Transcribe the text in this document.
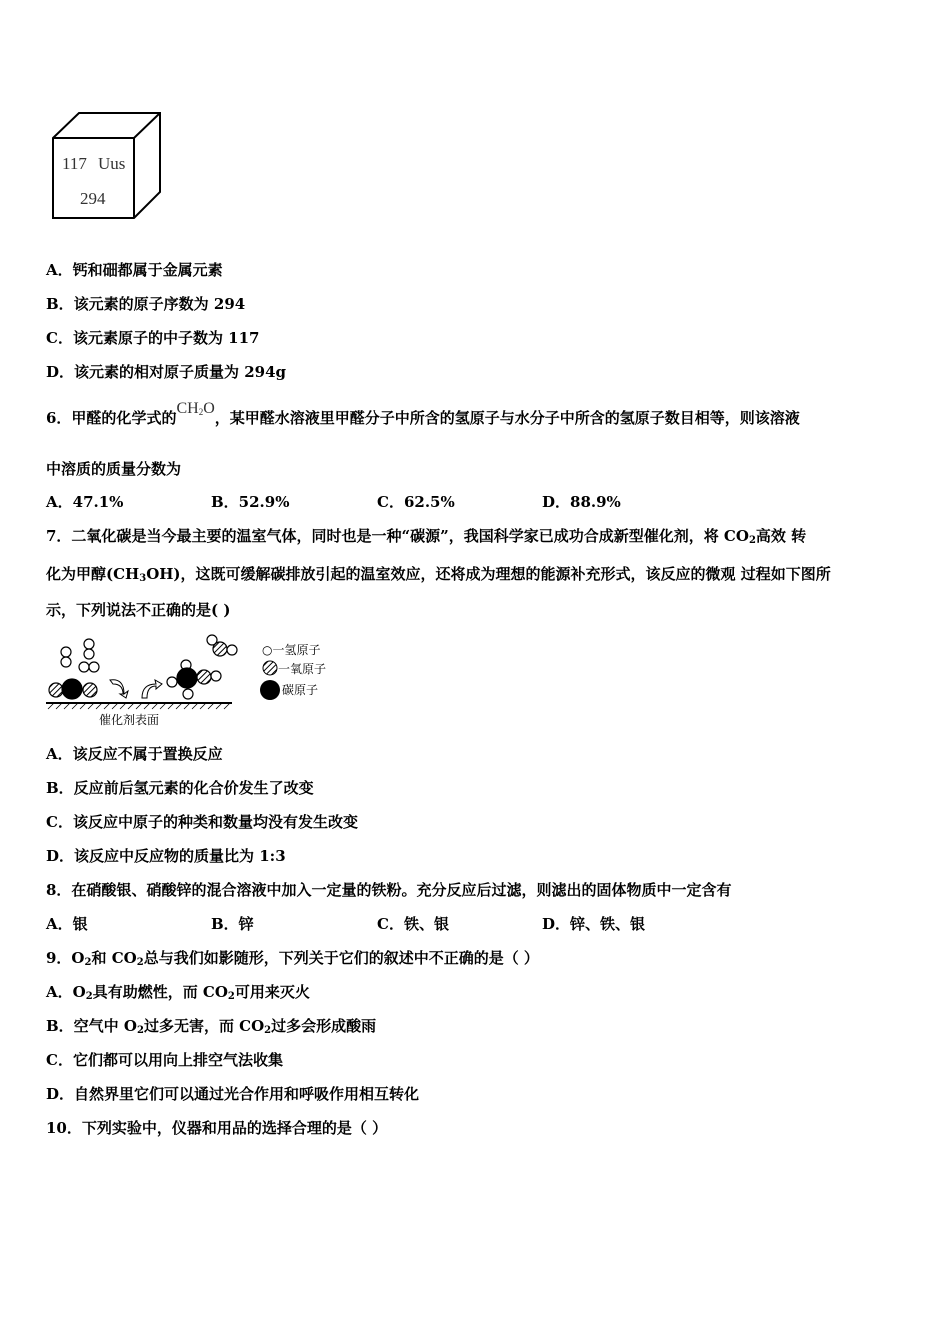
117 Uus
294
A．钙和鿬都属于金属元素
B．该元素的原子序数为 294
C．该元素原子的中子数为 117
D．该元素的相对原子质量为 294g
6．甲醛的化学式的$CH_2O$，某甲醛水溶液里甲醛分子中所含的氢原子与水分子中所含的氢原子数目相等，则该溶液
中溶质的质量分数为
A．47.1%	B．52.9%	C．62.5%	D．88.9%
7．二氧化碳是当今最主要的温室气体，同时也是一种“碳源”，我国科学家已成功合成新型催化剂，将 $CO_2$高效 转
化为甲醇$(CH_3OH)$，这既可缓解碳排放引起的温室效应，还将成为理想的能源补充形式，该反应的微观 过程如下图所
示，下列说法不正确的是( )
催化剂表面
○一氢原子
一氧原子
碳原子
A．该反应不属于置换反应
B．反应前后氢元素的化合价发生了改变
C．该反应中原子的种类和数量均没有发生改变
D．该反应中反应物的质量比为 1:3
8．在硝酸银、硝酸锌的混合溶液中加入一定量的铁粉。充分反应后过滤，则滤出的固体物质中一定含有
A．银	B．锌	C．铁、银	D．锌、铁、银
9．$O_2$和 $CO_2$总与我们如影随形，下列关于它们的叙述中不正确的是（ ）
A．$O_2$具有助燃性，而 $CO_2$可用来灭火
B．空气中 $O_2$过多无害，而 $CO_2$过多会形成酸雨
C．它们都可以用向上排空气法收集
D．自然界里它们可以通过光合作用和呼吸作用相互转化
10．下列实验中，仪器和用品的选择合理的是（ ）
